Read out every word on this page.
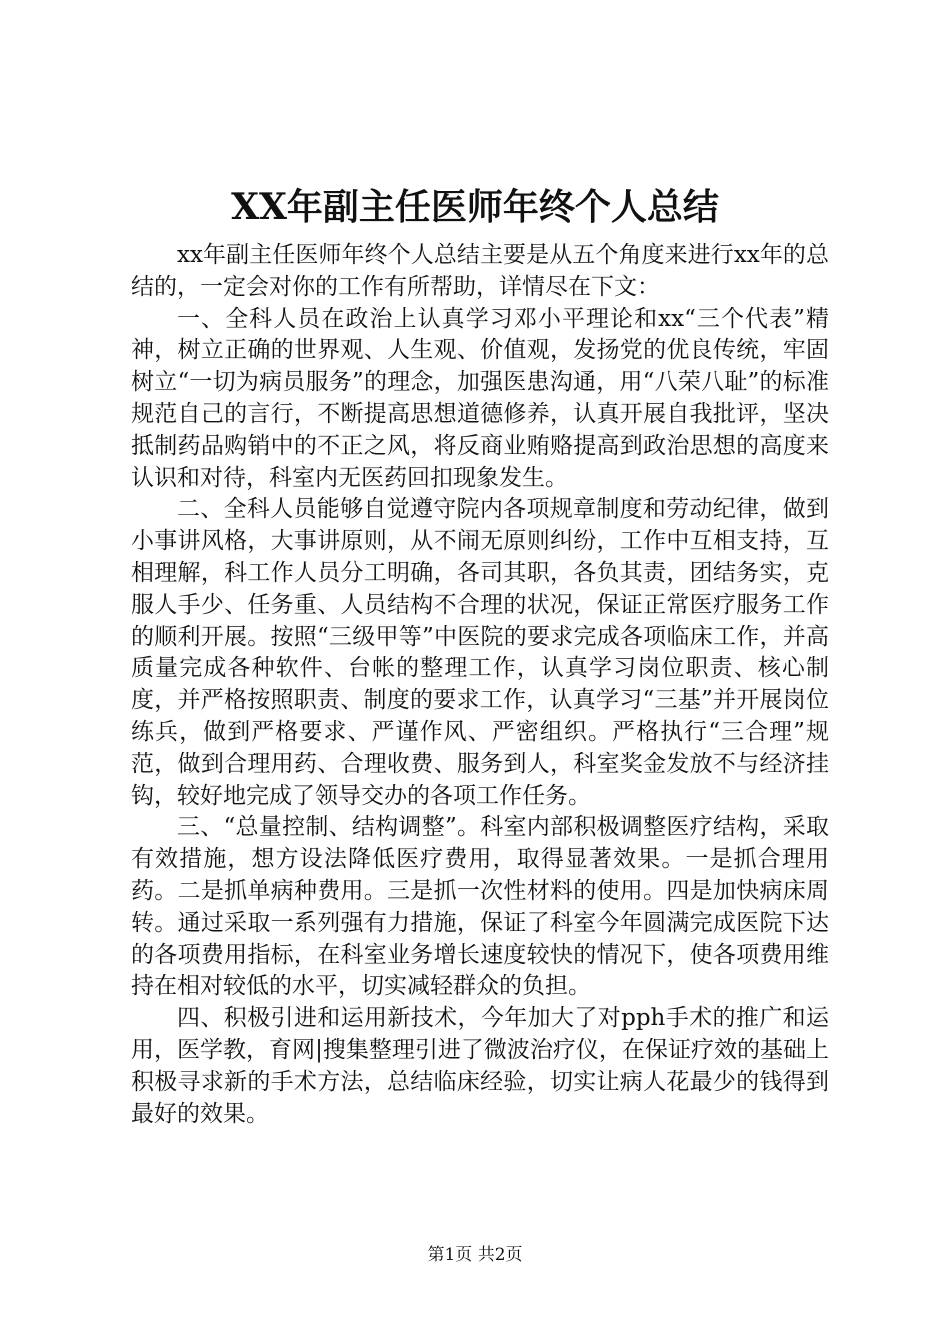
XX年副主任医师年终个人总结

xx年副主任医师年终个人总结主要是从五个角度来进行xx年的总结的，一定会对你的工作有所帮助，详情尽在下文：

一、全科人员在政治上认真学习邓小平理论和xx“三个代表”精神，树立正确的世界观、人生观、价值观，发扬党的优良传统，牢固树立“一切为病员服务”的理念，加强医患沟通，用“八荣八耻”的标准规范自己的言行，不断提高思想道德修养，认真开展自我批评，坚决抵制药品购销中的不正之风，将反商业贿赂提高到政治思想的高度来认识和对待，科室内无医药回扣现象发生。

二、全科人员能够自觉遵守院内各项规章制度和劳动纪律，做到小事讲风格，大事讲原则，从不闹无原则纠纷，工作中互相支持，互相理解，科工作人员分工明确，各司其职，各负其责，团结务实，克服人手少、任务重、人员结构不合理的状况，保证正常医疗服务工作的顺利开展。按照“三级甲等”中医院的要求完成各项临床工作，并高质量完成各种软件、台帐的整理工作，认真学习岗位职责、核心制度，并严格按照职责、制度的要求工作，认真学习“三基”并开展岗位练兵，做到严格要求、严谨作风、严密组织。严格执行“三合理”规范，做到合理用药、合理收费、服务到人，科室奖金发放不与经济挂钩，较好地完成了领导交办的各项工作任务。

三、“总量控制、结构调整”。科室内部积极调整医疗结构，采取有效措施，想方设法降低医疗费用，取得显著效果。一是抓合理用药。二是抓单病种费用。三是抓一次性材料的使用。四是加快病床周转。通过采取一系列强有力措施，保证了科室今年圆满完成医院下达的各项费用指标，在科室业务增长速度较快的情况下，使各项费用维持在相对较低的水平，切实减轻群众的负担。

四、积极引进和运用新技术，今年加大了对pph手术的推广和运用，医学教，育网|搜集整理引进了微波治疗仪，在保证疗效的基础上积极寻求新的手术方法，总结临床经验，切实让病人花最少的钱得到最好的效果。

第1页 共2页
